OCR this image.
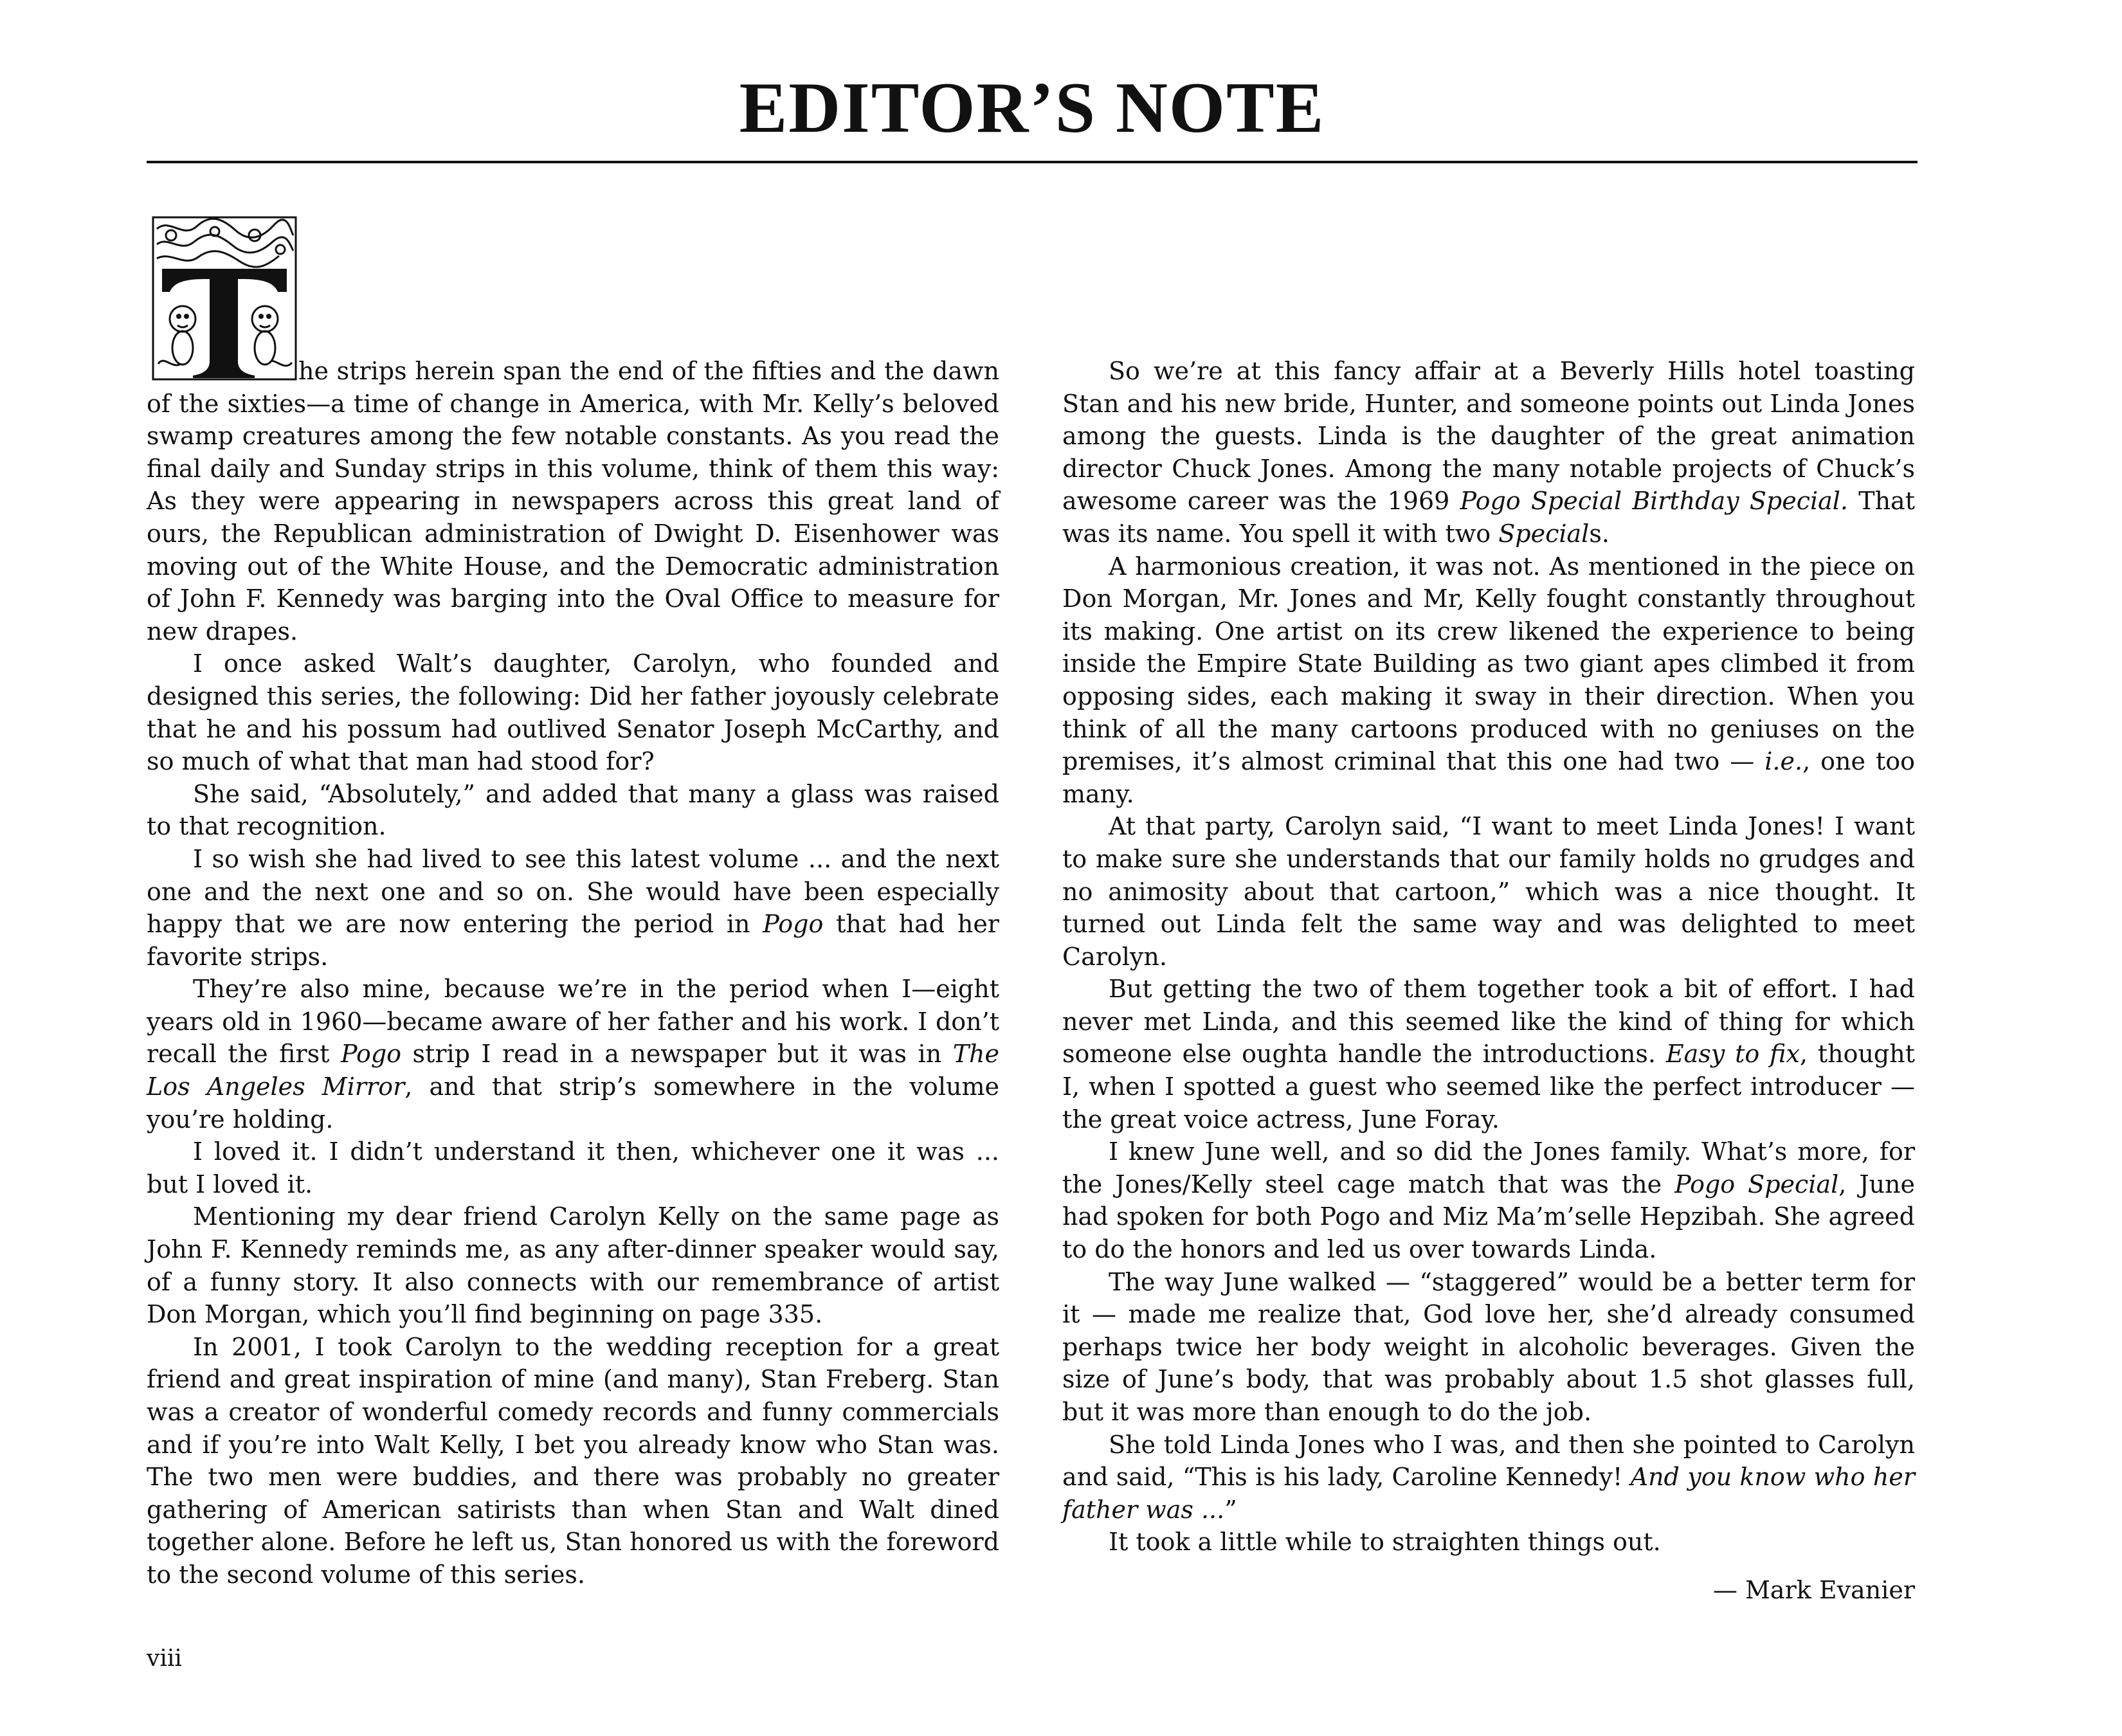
EDITOR’S NOTE

he strips herein span the end of the fifties and the dawn of the sixties—a time of change in America, with Mr. Kelly’s beloved swamp creatures among the few notable constants. As you read the final daily and Sunday strips in this volume, think of them this way: As they were appearing in newspapers across this great land of ours, the Republican administration of Dwight D. Eisenhower was moving out of the White House, and the Democratic administration of John F. Kennedy was barging into the Oval Office to measure for new drapes.

I once asked Walt’s daughter, Carolyn, who founded and designed this series, the following: Did her father joyously celebrate that he and his possum had outlived Senator Joseph McCarthy, and so much of what that man had stood for?

She said, “Absolutely,” and added that many a glass was raised to that recognition.

I so wish she had lived to see this latest volume ... and the next one and the next one and so on. She would have been especially happy that we are now entering the period in Pogo that had her favorite strips.

They’re also mine, because we’re in the period when I—eight years old in 1960—became aware of her father and his work. I don’t recall the first Pogo strip I read in a newspaper but it was in The Los Angeles Mirror, and that strip’s somewhere in the volume you’re holding.

I loved it. I didn’t understand it then, whichever one it was ... but I loved it.

Mentioning my dear friend Carolyn Kelly on the same page as John F. Kennedy reminds me, as any after-dinner speaker would say, of a funny story. It also connects with our remembrance of artist Don Morgan, which you’ll find beginning on page 335.

In 2001, I took Carolyn to the wedding reception for a great friend and great inspiration of mine (and many), Stan Freberg. Stan was a creator of wonderful comedy records and funny commercials and if you’re into Walt Kelly, I bet you already know who Stan was. The two men were buddies, and there was probably no greater gathering of American satirists than when Stan and Walt dined together alone. Before he left us, Stan honored us with the foreword to the second volume of this series.

So we’re at this fancy affair at a Beverly Hills hotel toasting Stan and his new bride, Hunter, and someone points out Linda Jones among the guests. Linda is the daughter of the great animation director Chuck Jones. Among the many notable projects of Chuck’s awesome career was the 1969 Pogo Special Birthday Special. That was its name. You spell it with two Specials.

A harmonious creation, it was not. As mentioned in the piece on Don Morgan, Mr. Jones and Mr, Kelly fought constantly throughout its making. One artist on its crew likened the experience to being inside the Empire State Building as two giant apes climbed it from opposing sides, each making it sway in their direction. When you think of all the many cartoons produced with no geniuses on the premises, it’s almost criminal that this one had two — i.e., one too many.

At that party, Carolyn said, “I want to meet Linda Jones! I want to make sure she understands that our family holds no grudges and no animosity about that cartoon,” which was a nice thought. It turned out Linda felt the same way and was delighted to meet Carolyn.

But getting the two of them together took a bit of effort. I had never met Linda, and this seemed like the kind of thing for which someone else oughta handle the introductions. Easy to fix, thought I, when I spotted a guest who seemed like the perfect introducer — the great voice actress, June Foray.

I knew June well, and so did the Jones family. What’s more, for the Jones/Kelly steel cage match that was the Pogo Special, June had spoken for both Pogo and Miz Ma’m’selle Hepzibah. She agreed to do the honors and led us over towards Linda.

The way June walked — “staggered” would be a better term for it — made me realize that, God love her, she’d already consumed perhaps twice her body weight in alcoholic beverages. Given the size of June’s body, that was probably about 1.5 shot glasses full, but it was more than enough to do the job.

She told Linda Jones who I was, and then she pointed to Carolyn and said, “This is his lady, Caroline Kennedy! And you know who her father was ...”

It took a little while to straighten things out.

— Mark Evanier

viii
